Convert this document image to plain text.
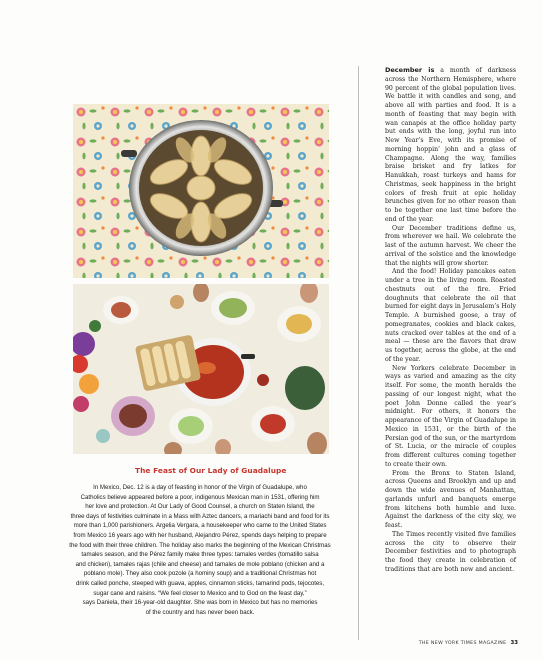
The Feast of Our Lady of Guadalupe
In Mexico, Dec. 12 is a day of feasting in honor of the Virgin of Guadalupe, who
Catholics believe appeared before a poor, indigenous Mexican man in 1531, offering him
her love and protection. At Our Lady of Good Counsel, a church on Staten Island, the
three days of festivities culminate in a Mass with Aztec dancers, a mariachi band and food for its
more than 1,000 parishioners. Argelia Vergara, a housekeeper who came to the United States
from Mexico 16 years ago with her husband, Alejandro Pérez, spends days helping to prepare
the food with their three children. The holiday also marks the beginning of the Mexican Christmas
tamales season, and the Pérez family make three types: tamales verdes (tomatillo salsa
and chicken), tamales rajas (chile and cheese) and tamales de mole poblano (chicken and a
poblano mole). They also cook pozole (a hominy soup) and a traditional Christmas hot
drink called ponche, steeped with guava, apples, cinnamon sticks, tamarind pods, tejocotes,
sugar cane and raisins. “We feel closer to Mexico and to God on the feast day,”
says Daniela, their 16-year-old daughter. She was born in Mexico but has no memories
of the country and has never been back.

December is a month of darkness across the Northern Hemisphere, where 90 percent of the global population lives. We battle it with candles and song, and above all with parties and food. It is a month of feasting that may begin with wan canapés at the office holiday party but ends with the long, joyful run into New Year’s Eve, with its promise of morning hoppin’ john and a glass of Champagne. Along the way, families braise brisket and fry latkes for Hanukkah, roast turkeys and hams for Christmas, seek happiness in the bright colors of fresh fruit at epic holiday brunches given for no other reason than to be together one last time before the end of the year.

Our December traditions define us, from wherever we hail. We celebrate the last of the autumn harvest. We cheer the arrival of the solstice and the knowledge that the nights will grow shorter.

And the food! Holiday pancakes eaten under a tree in the living room. Roasted chestnuts out of the fire. Fried doughnuts that celebrate the oil that burned for eight days in Jerusalem’s Holy Temple. A burnished goose, a tray of pomegranates, cookies and black cakes, nuts cracked over tables at the end of a meal — these are the flavors that draw us together, across the globe, at the end of the year.

New Yorkers celebrate December in ways as varied and amazing as the city itself. For some, the month heralds the passing of our longest night, what the poet John Donne called the year’s midnight. For others, it honors the appearance of the Virgin of Guadalupe in Mexico in 1531, or the birth of the Persian god of the sun, or the martyrdom of St. Lucia, or the miracle of couples from different cultures coming together to create their own.

From the Bronx to Staten Island, across Queens and Brooklyn and up and down the wide avenues of Manhattan, garlands unfurl and banquets emerge from kitchens both humble and luxe. Against the darkness of the city sky, we feast.

The Times recently visited five families across the city to observe their December festivities and to photograph the food they create in celebration of traditions that are both new and ancient.

THE NEW YORK TIMES MAGAZINE 33
